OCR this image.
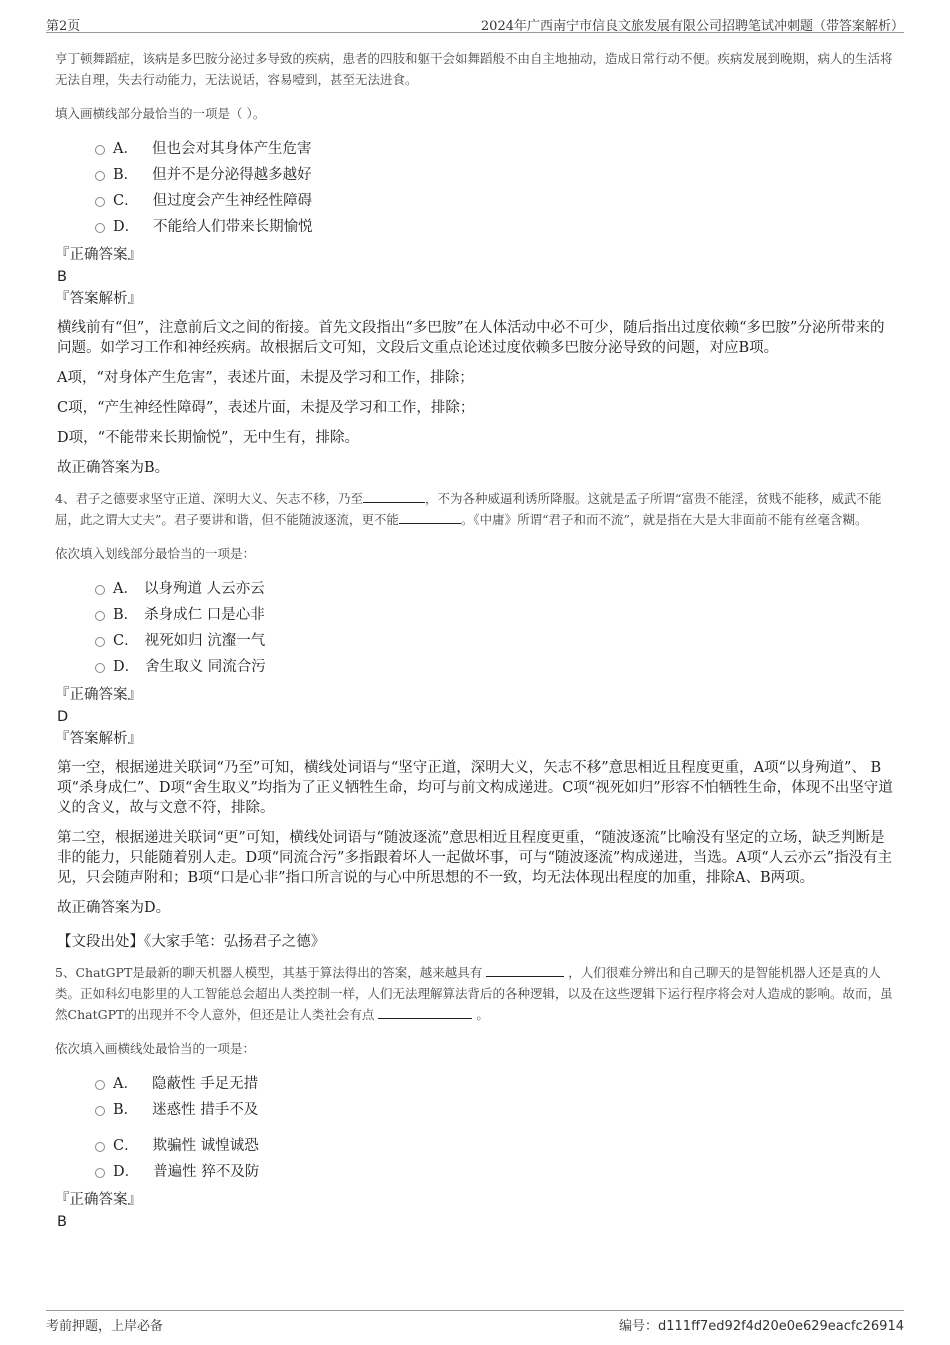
第2页	2024年广西南宁市信良文旅发展有限公司招聘笔试冲刺题（带答案解析）

亨丁顿舞蹈症，该病是多巴胺分泌过多导致的疾病，患者的四肢和躯干会如舞蹈般不由自主地抽动，造成日常行动不便。疾病发展到晚期，病人的生活将无法自理，失去行动能力，无法说话，容易噎到，甚至无法进食。

填入画横线部分最恰当的一项是（ ）。

A． 但也会对其身体产生危害
B． 但并不是分泌得越多越好
C． 但过度会产生神经性障碍
D． 不能给人们带来长期愉悦

『正确答案』

B

『答案解析』

横线前有“但”，注意前后文之间的衔接。首先文段指出“多巴胺”在人体活动中必不可少，随后指出过度依赖“多巴胺”分泌所带来的问题。如学习工作和神经疾病。故根据后文可知，文段后文重点论述过度依赖多巴胺分泌导致的问题，对应B项。

A项，“对身体产生危害”，表述片面，未提及学习和工作，排除；

C项，“产生神经性障碍”，表述片面，未提及学习和工作，排除；

D项，“不能带来长期愉悦”，无中生有，排除。

故正确答案为B。

4、君子之德要求坚守正道、深明大义、矢志不移，乃至	，不为各种威逼利诱所降服。这就是孟子所谓“富贵不能淫，贫贱不能移，威武不能屈，此之谓大丈夫”。君子要讲和谐，但不能随波逐流，更不能	。《中庸》所谓“君子和而不流”，就是指在大是大非面前不能有丝毫含糊。

依次填入划线部分最恰当的一项是：

A． 以身殉道 人云亦云
B． 杀身成仁 口是心非
C． 视死如归 沆瀣一气
D． 舍生取义 同流合污

『正确答案』

D

『答案解析』

第一空，根据递进关联词“乃至”可知，横线处词语与“坚守正道，深明大义，矢志不移”意思相近且程度更重，A项“以身殉道”、 B项“杀身成仁”、D项“舍生取义”均指为了正义牺牲生命，均可与前文构成递进。C项“视死如归”形容不怕牺牲生命，体现不出坚守道义的含义，故与文意不符，排除。

第二空，根据递进关联词“更”可知，横线处词语与“随波逐流”意思相近且程度更重，“随波逐流”比喻没有坚定的立场，缺乏判断是非的能力，只能随着别人走。D项“同流合污”多指跟着坏人一起做坏事，可与“随波逐流”构成递进，当选。A项“人云亦云”指没有主见，只会随声附和；B项“口是心非”指口所言说的与心中所思想的不一致，均无法体现出程度的加重，排除A、B两项。

故正确答案为D。

【文段出处】《大家手笔：弘扬君子之德》

5、ChatGPT是最新的聊天机器人模型，其基于算法得出的答案，越来越具有	，人们很难分辨出和自己聊天的是智能机器人还是真的人类。正如科幻电影里的人工智能总会超出人类控制一样，人们无法理解算法背后的各种逻辑，以及在这些逻辑下运行程序将会对人造成的影响。故而，虽然ChatGPT的出现并不令人意外，但还是让人类社会有点	。

依次填入画横线处最恰当的一项是：

A． 隐蔽性 手足无措
B． 迷惑性 措手不及
C． 欺骗性 诚惶诚恐
D． 普遍性 猝不及防

『正确答案』

B

考前押题，上岸必备	编号：d111ff7ed92f4d20e0e629eacfc26914
